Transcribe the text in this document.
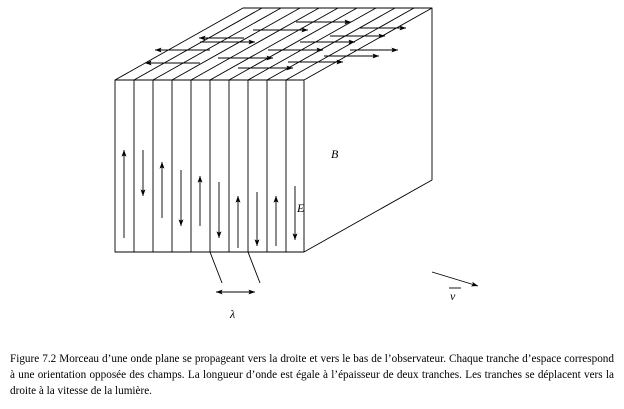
B
E
v
λ
Figure 7.2 Morceau d’une onde plane se propageant vers la droite et vers le bas de l’observateur. Chaque tranche d’espace correspond à une orientation opposée des champs. La longueur d’onde est égale à l’épaisseur de deux tranches. Les tranches se déplacent vers la droite à la vitesse de la lumière.
